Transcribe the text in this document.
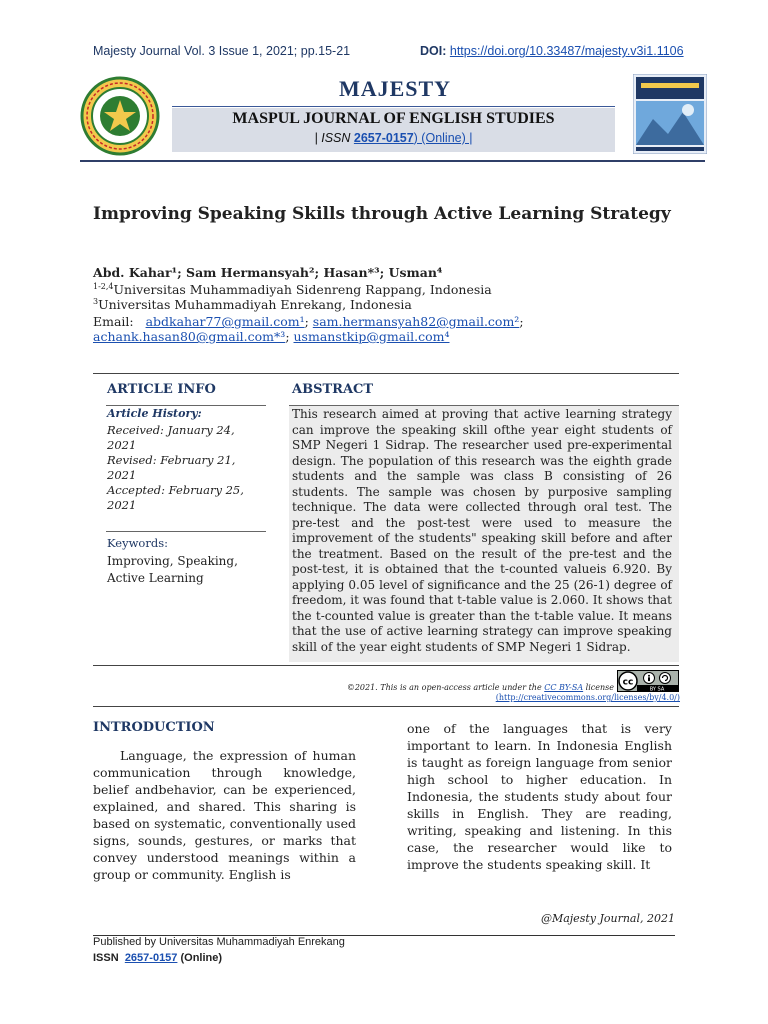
Majesty Journal Vol. 3 Issue 1, 2021; pp.15-21	DOI: https://doi.org/10.33487/majesty.v3i1.1106
MAJESTY
MASPUL JOURNAL OF ENGLISH STUDIES
| ISSN 2657-0157) (Online) |
Improving Speaking Skills through Active Learning Strategy
Abd. Kahar¹; Sam Hermansyah²; Hasan*³; Usman⁴
$^{1-2,4}$Universitas Muhammadiyah Sidenreng Rappang, Indonesia
$^3$Universitas Muhammadiyah Enrekang, Indonesia
Email: abdkahar77@gmail.com¹; sam.hermansyah82@gmail.com²;
achank.hasan80@gmail.com*³; usmanstkip@gmail.com⁴
ARTICLE INFO	ABSTRACT
Article History:
Received: January 24, 2021
Revised: February 21, 2021
Accepted: February 25, 2021
Keywords:
Improving, Speaking, Active Learning
This research aimed at proving that active learning strategy can improve the speaking skill ofthe year eight students of SMP Negeri 1 Sidrap. The researcher used pre-experimental design. The population of this research was the eighth grade students and the sample was class B consisting of 26 students. The sample was chosen by purposive sampling technique. The data were collected through oral test. The pre-test and the post-test were used to measure the improvement of the students" speaking skill before and after the treatment. Based on the result of the pre-test and the post-test, it is obtained that the t-counted valueis 6.920. By applying 0.05 level of significance and the 25 (26-1) degree of freedom, it was found that t-table value is 2.060. It shows that the t-counted value is greater than the t-table value. It means that the use of active learning strategy can improve speaking skill of the year eight students of SMP Negeri 1 Sidrap.
©2021. This is an open-access article under the CC BY-SA license
(http://creativecommons.org/licenses/by/4.0/)
cc
BY SA
INTRODUCTION
Language, the expression of human communication through knowledge, belief andbehavior, can be experienced, explained, and shared. This sharing is based on systematic, conventionally used signs, sounds, gestures, or marks that convey understood meanings within a group or community. English is
one of the languages that is very important to learn. In Indonesia English is taught as foreign language from senior high school to higher education. In Indonesia, the students study about four skills in English. They are reading, writing, speaking and listening. In this case, the researcher would like to improve the students speaking skill. It
@Majesty Journal, 2021
Published by Universitas Muhammadiyah Enrekang
ISSN 2657-0157 (Online)
